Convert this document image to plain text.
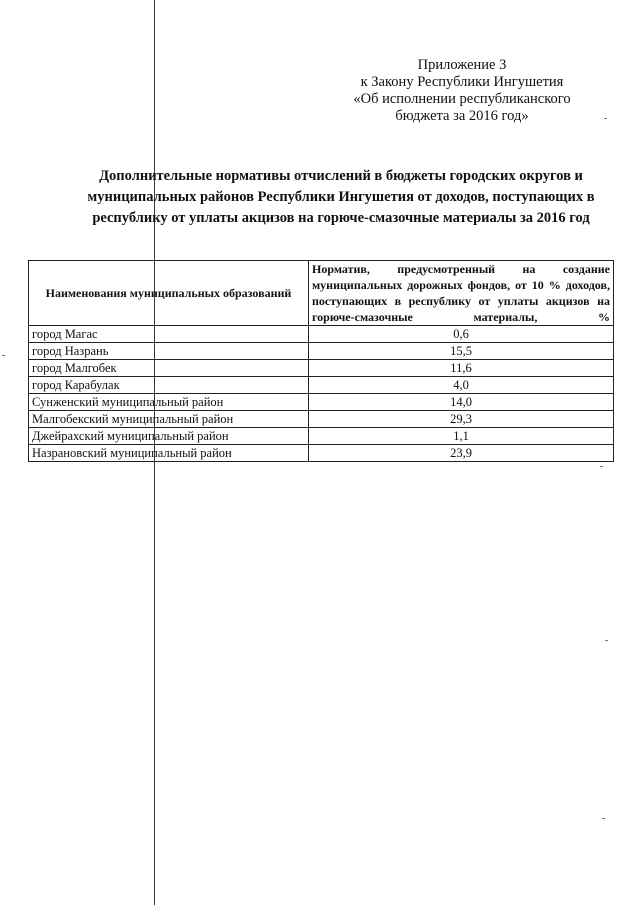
Приложение 3
к Закону Республики Ингушетия
«Об исполнении республиканского
бюджета за 2016 год»
Дополнительные нормативы отчислений в бюджеты городских округов и
муниципальных районов Республики Ингушетия от доходов, поступающих в
республику от уплаты акцизов на горюче-смазочные материалы за 2016 год
Наименования муниципальных образований	Норматив, предусмотренный на создание муниципальных дорожных фондов, от 10 % доходов, поступающих в республику от уплаты акцизов на горюче-смазочные материалы, %
город Магас	0,6
город Назрань	15,5
город Малгобек	11,6
город Карабулак	4,0
Сунженский муниципальный район	14,0
Малгобекский муниципальный район	29,3
Джейрахский муниципальный район	1,1
Назрановский муниципальный район	23,9
